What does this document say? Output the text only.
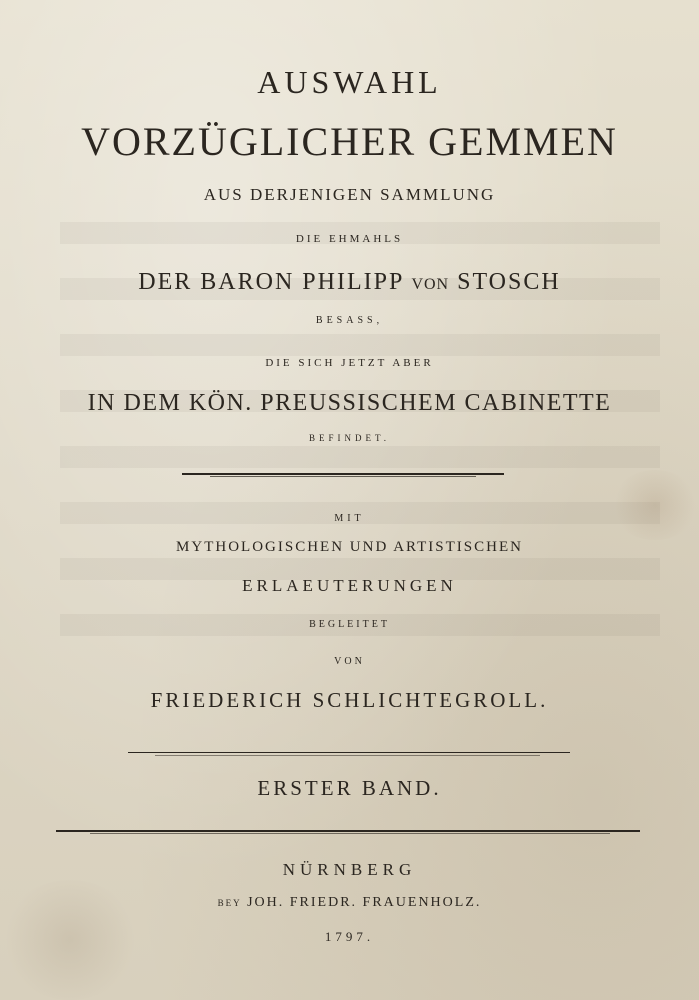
AUSWAHL
VORZÜGLICHER GEMMEN
AUS DERJENIGEN SAMMLUNG
DIE EHMAHLS
DER BARON PHILIPP VON STOSCH
BESASS,
DIE SICH JETZT ABER
IN DEM KÖN. PREUSSISCHEM CABINETTE
BEFINDET.
MIT
MYTHOLOGISCHEN UND ARTISTISCHEN
ERLAEUTERUNGEN
BEGLEITET
VON
FRIEDERICH SCHLICHTEGROLL.
ERSTER BAND.
NÜRNBERG
BEY JOH. FRIEDR. FRAUENHOLZ.
1797.
